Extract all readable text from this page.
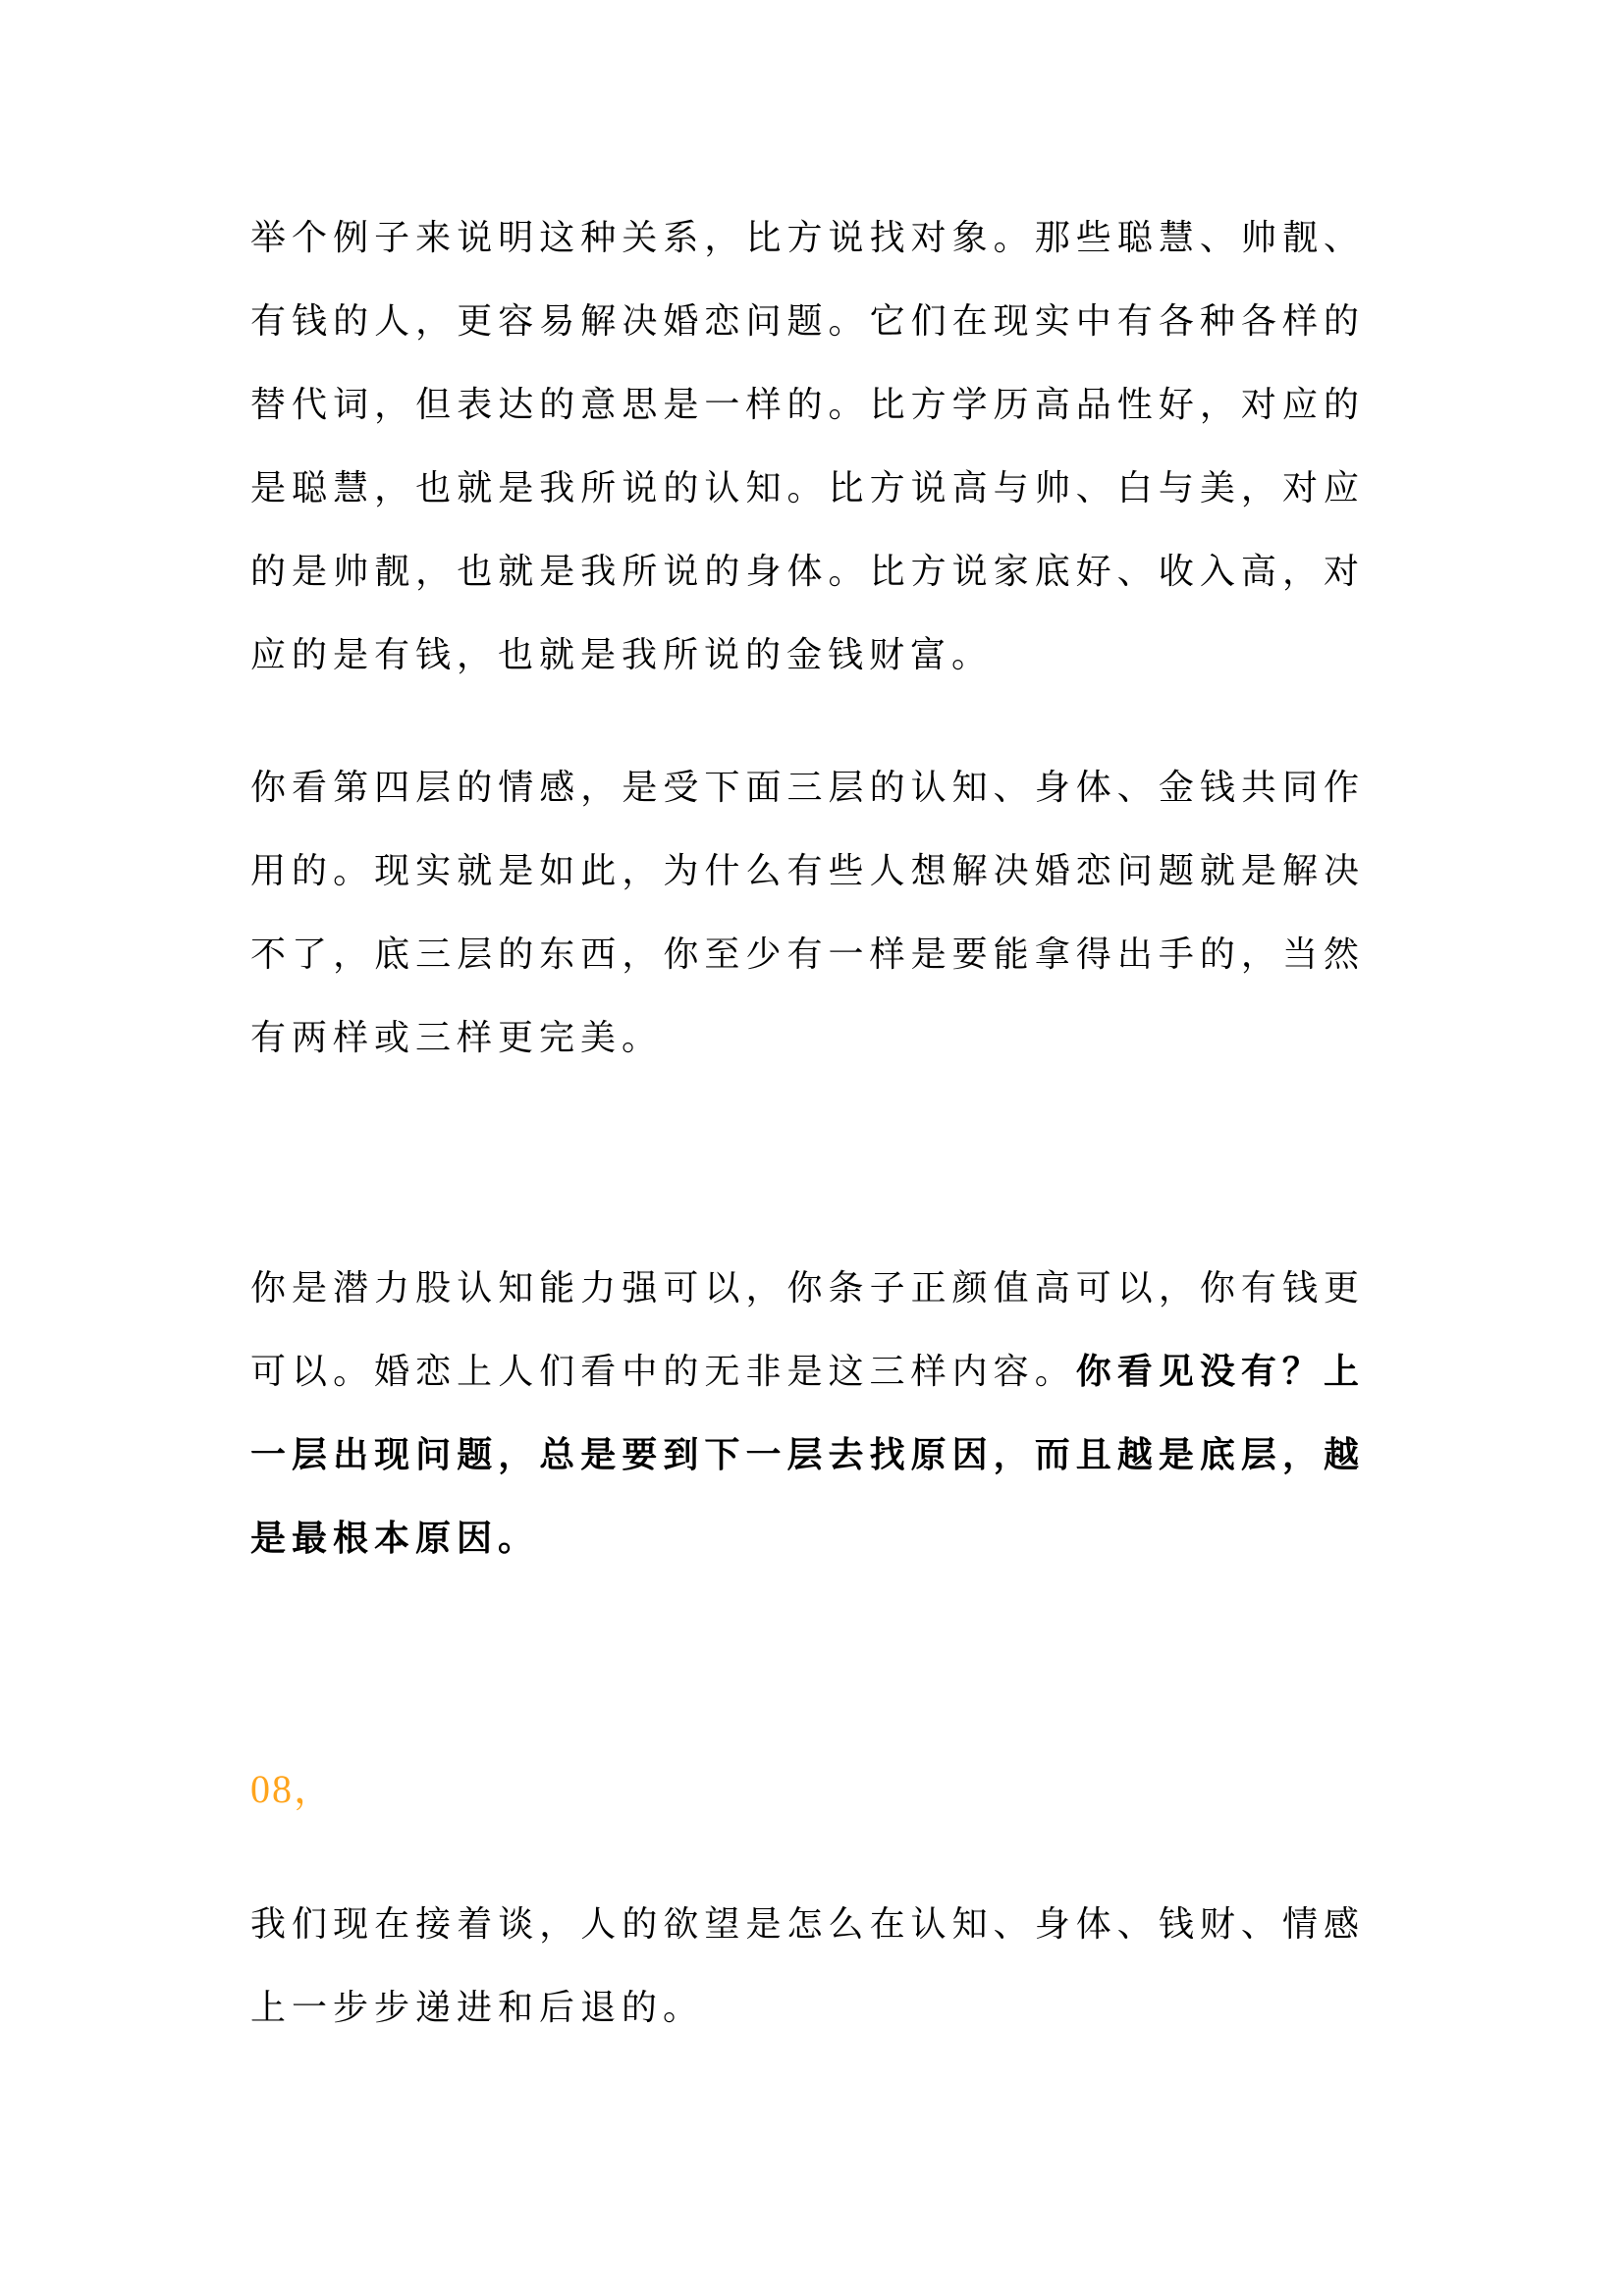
举个例子来说明这种关系，比方说找对象。那些聪慧、帅靓、有钱的人，更容易解决婚恋问题。它们在现实中有各种各样的替代词，但表达的意思是一样的。比方学历高品性好，对应的是聪慧，也就是我所说的认知。比方说高与帅、白与美，对应的是帅靓，也就是我所说的身体。比方说家底好、收入高，对应的是有钱，也就是我所说的金钱财富。

你看第四层的情感，是受下面三层的认知、身体、金钱共同作用的。现实就是如此，为什么有些人想解决婚恋问题就是解决不了，底三层的东西，你至少有一样是要能拿得出手的，当然有两样或三样更完美。

你是潜力股认知能力强可以，你条子正颜值高可以，你有钱更可以。婚恋上人们看中的无非是这三样内容。你看见没有？上一层出现问题，总是要到下一层去找原因，而且越是底层，越是最根本原因。

08，

我们现在接着谈，人的欲望是怎么在认知、身体、钱财、情感上一步步递进和后退的。
